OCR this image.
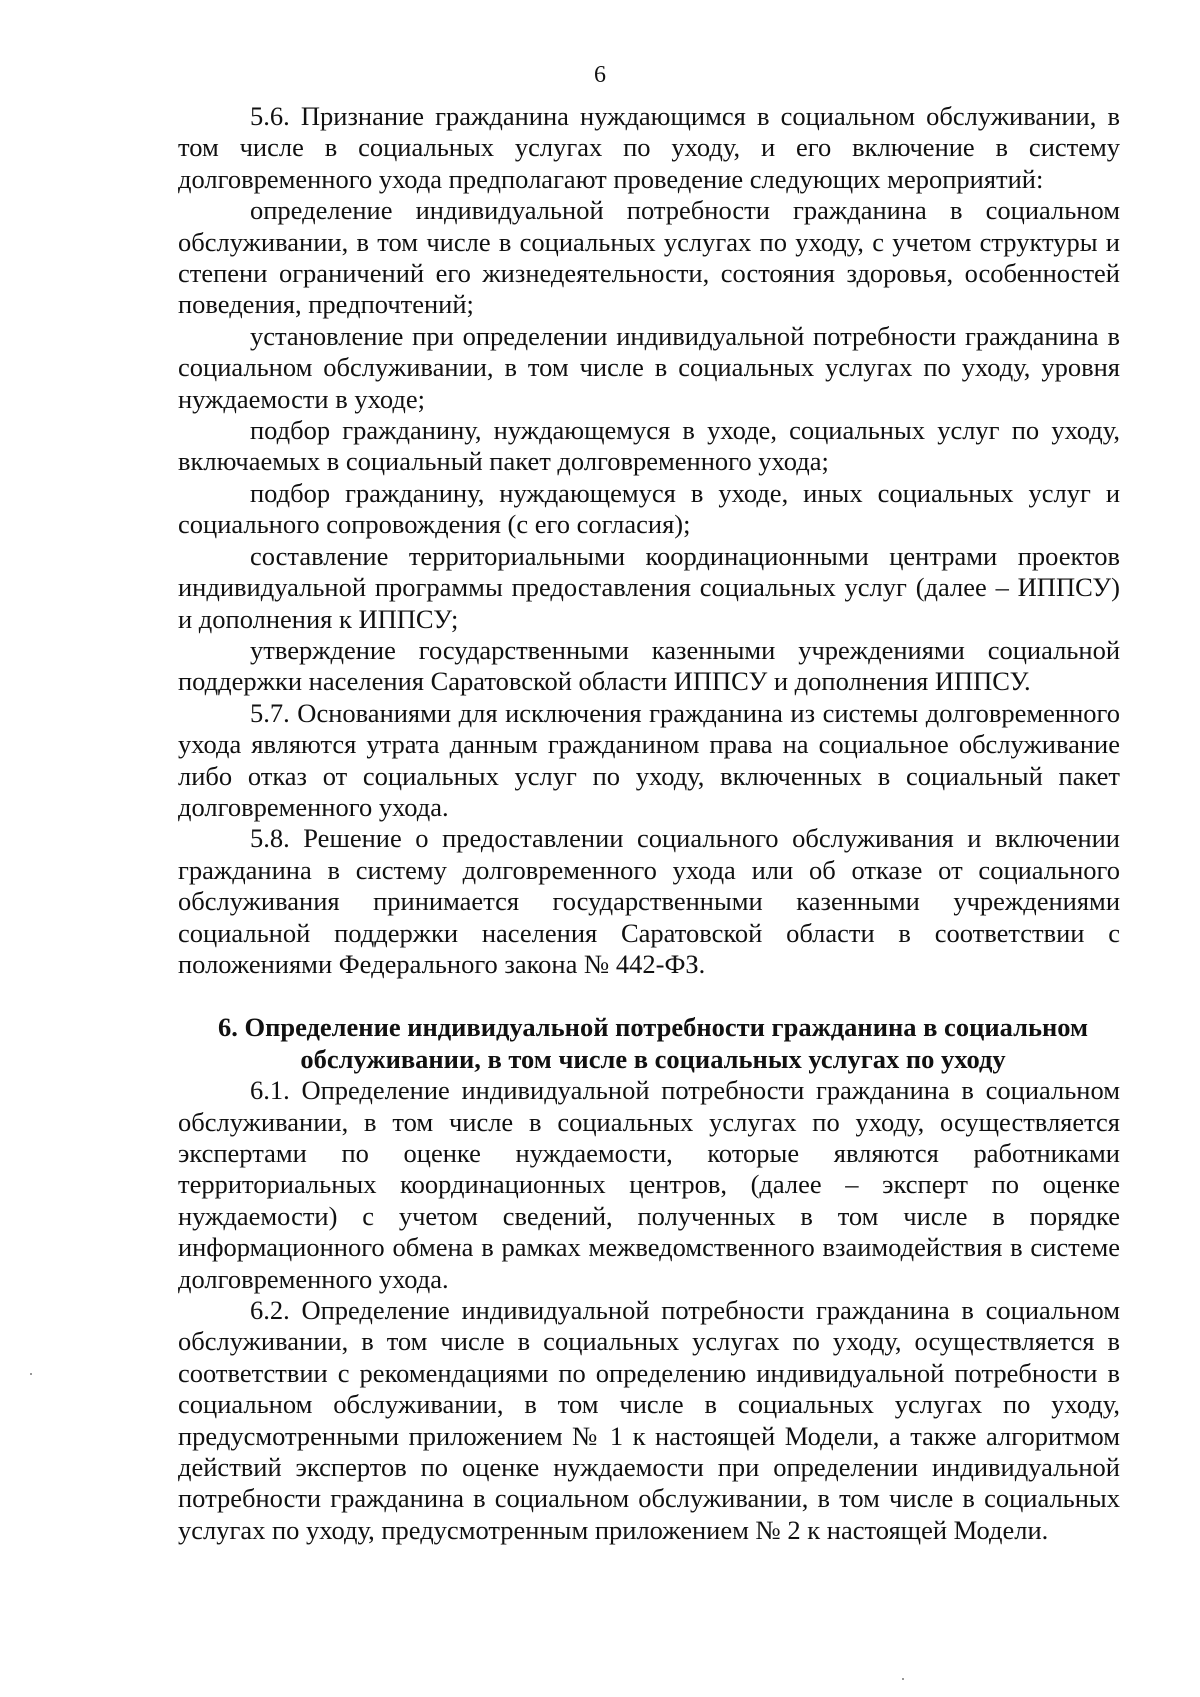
6

5.6. Признание гражданина нуждающимся в социальном обслуживании, в том числе в социальных услугах по уходу, и его включение в систему долговременного ухода предполагают проведение следующих мероприятий:

определение индивидуальной потребности гражданина в социальном обслуживании, в том числе в социальных услугах по уходу, с учетом структуры и степени ограничений его жизнедеятельности, состояния здоровья, особенностей поведения, предпочтений;

установление при определении индивидуальной потребности гражданина в социальном обслуживании, в том числе в социальных услугах по уходу, уровня нуждаемости в уходе;

подбор гражданину, нуждающемуся в уходе, социальных услуг по уходу, включаемых в социальный пакет долговременного ухода;

подбор гражданину, нуждающемуся в уходе, иных социальных услуг и социального сопровождения (с его согласия);

составление территориальными координационными центрами проектов индивидуальной программы предоставления социальных услуг (далее – ИППСУ) и дополнения к ИППСУ;

утверждение государственными казенными учреждениями социальной поддержки населения Саратовской области ИППСУ и дополнения ИППСУ.

5.7. Основаниями для исключения гражданина из системы долговременного ухода являются утрата данным гражданином права на социальное обслуживание либо отказ от социальных услуг по уходу, включенных в социальный пакет долговременного ухода.

5.8. Решение о предоставлении социального обслуживания и включении гражданина в систему долговременного ухода или об отказе от социального обслуживания принимается государственными казенными учреждениями социальной поддержки населения Саратовской области в соответствии с положениями Федерального закона № 442-ФЗ.

6. Определение индивидуальной потребности гражданина в социальном

обслуживании, в том числе в социальных услугах по уходу

6.1. Определение индивидуальной потребности гражданина в социальном обслуживании, в том числе в социальных услугах по уходу, осуществляется экспертами по оценке нуждаемости, которые являются работниками территориальных координационных центров, (далее – эксперт по оценке нуждаемости) с учетом сведений, полученных в том числе в порядке информационного обмена в рамках межведомственного взаимодействия в системе долговременного ухода.

6.2. Определение индивидуальной потребности гражданина в социальном обслуживании, в том числе в социальных услугах по уходу, осуществляется в соответствии с рекомендациями по определению индивидуальной потребности в социальном обслуживании, в том числе в социальных услугах по уходу, предусмотренными приложением № 1 к настоящей Модели, а также алгоритмом действий экспертов по оценке нуждаемости при определении индивидуальной потребности гражданина в социальном обслуживании, в том числе в социальных услугах по уходу, предусмотренным приложением № 2 к настоящей Модели.
